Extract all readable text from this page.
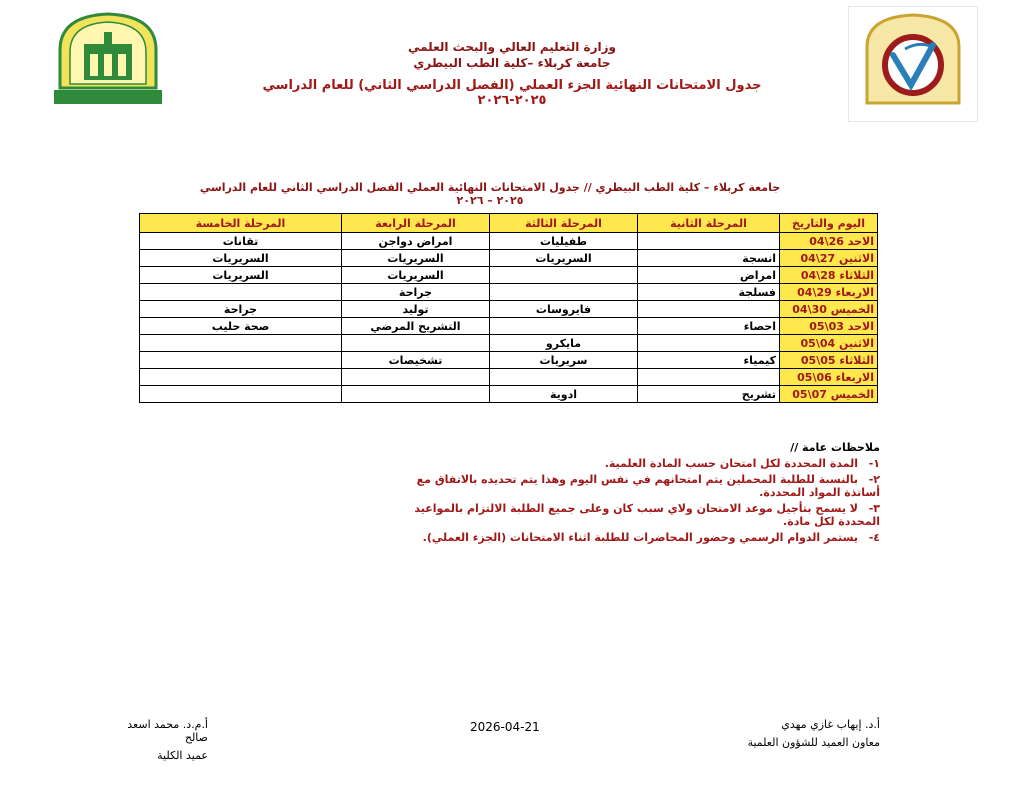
وزارة التعليم العالي والبحث العلمي
جامعة كربلاء –كلية الطب البيطري
جدول الامتحانات النهائية الجزء العملي (الفصل الدراسي الثاني) للعام الدراسي ٢٠٢٥-٢٠٢٦
جامعة كربلاء – كلية الطب البيطري // جدول الامتحانات النهائية العملي الفصل الدراسي الثاني للعام الدراسي ٢٠٢٥ – ٢٠٢٦
اليوم والتاريخ	المرحلة الثانية	المرحلة الثالثة	المرحلة الرابعة	المرحلة الخامسة
الاحد 26\04		طفيليات	امراض دواجن	تقانات
الاثنين 27\04	انسجة	السريريات	السريريات	السريريات
الثلاثاء 28\04	امراض		السريريات	السريريات
الاربعاء 29\04	فسلجة		جراحة	
الخميس 30\04		فايروسات	توليد	جراحة
الاحد 03\05	احصاء		التشريح المرضي	صحة حليب
الاثنين 04\05		مايكرو		
الثلاثاء 05\05	كيمياء	سريريات	تشخيصات	
الاربعاء 06\05				
الخميس 07\05	تشريح	ادوية		
ملاحظات عامة //
١-المدة المحددة لكل امتحان حسب المادة العلمية.
٢-بالنسبة للطلبة المحملين يتم امتحانهم في نفس اليوم وهذا يتم تحديده بالاتفاق مع أساتذة المواد المحددة.
٣-لا يسمح بتأجيل موعد الامتحان ولاي سبب كان وعلى جميع الطلبة الالتزام بالمواعيد المحددة لكل مادة.
٤-يستمر الدوام الرسمي وحضور المحاضرات للطلبة اثناء الامتحانات (الجزء العملي).
أ.م.د. محمد اسعد صالح
عميد الكلية
2026-04-21	أ.د. إيهاب غازي مهدي
معاون العميد للشؤون العلمية
